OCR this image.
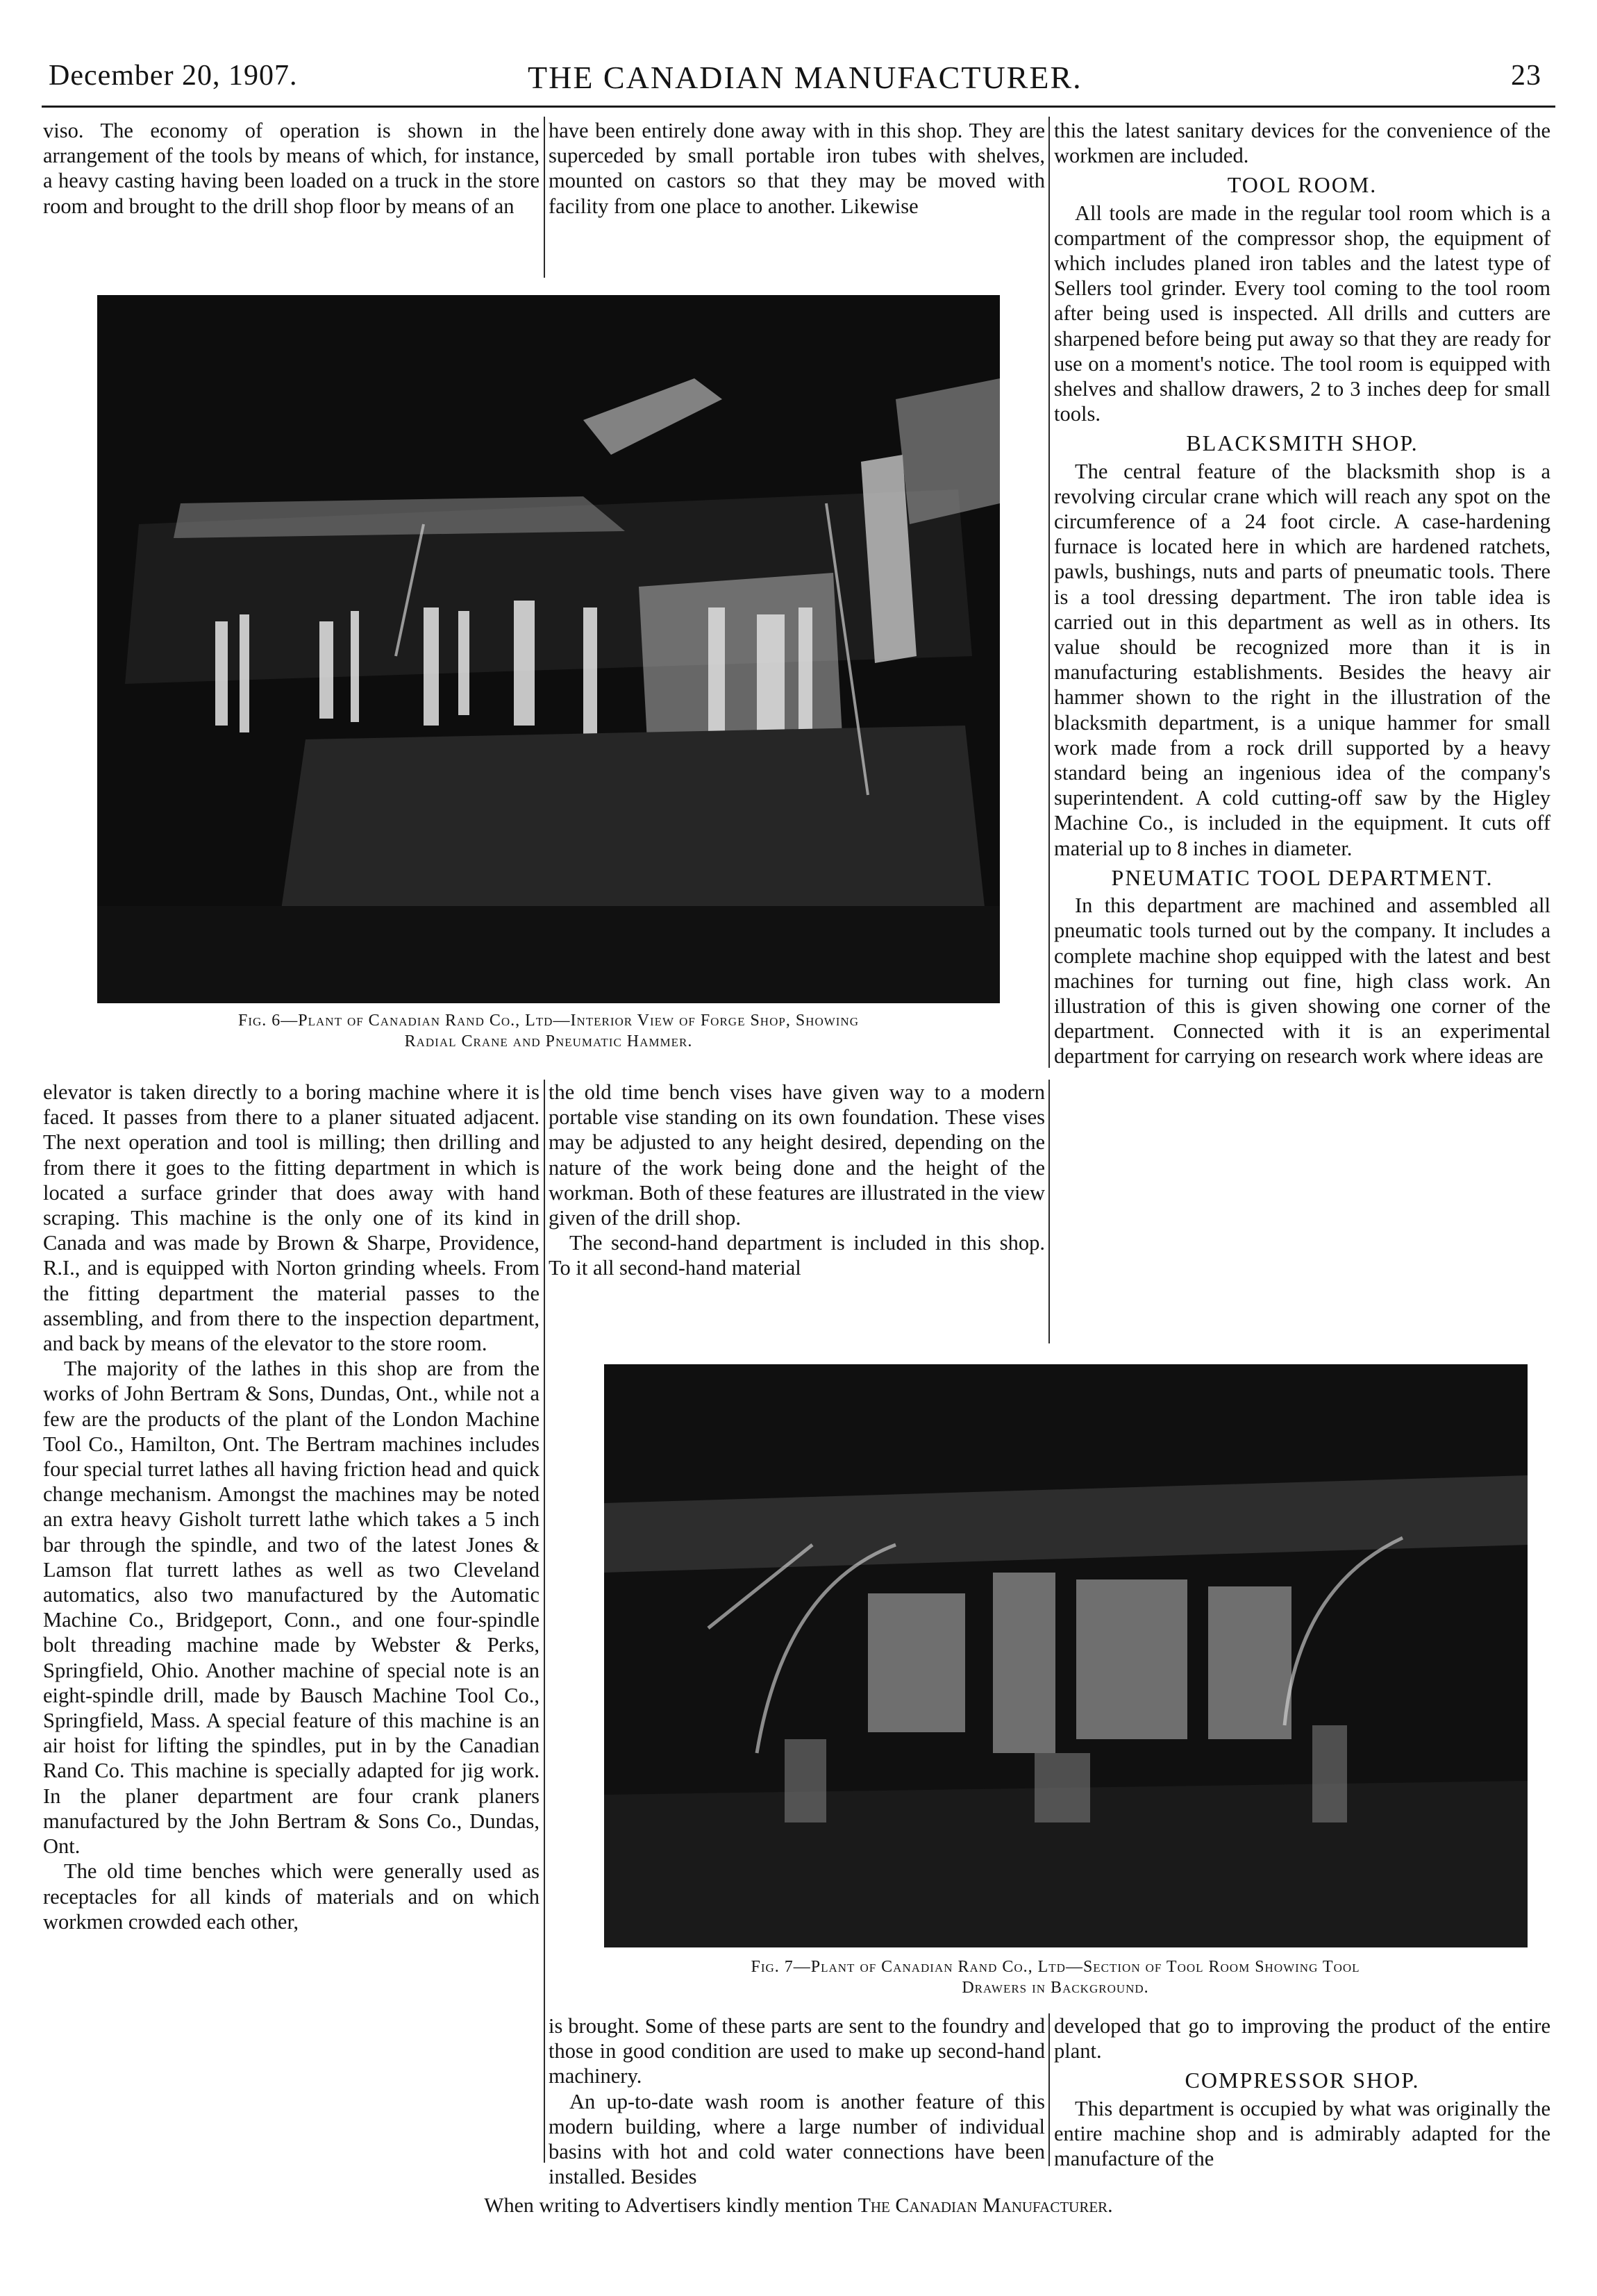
December 20, 1907.	THE CANADIAN MANUFACTURER.	23

viso. The economy of operation is shown in the arrangement of the tools by means of which, for instance, a heavy casting having been loaded on a truck in the store room and brought to the drill shop floor by means of an

have been entirely done away with in this shop. They are superceded by small portable iron tubes with shelves, mounted on castors so that they may be moved with facility from one place to another. Likewise

Fig. 6—Plant of Canadian Rand Co., Ltd—Interior View of Forge Shop, Showing
Radial Crane and Pneumatic Hammer.

this the latest sanitary devices for the convenience of the workmen are included.

TOOL ROOM.

All tools are made in the regular tool room which is a compartment of the compressor shop, the equipment of which includes planed iron tables and the latest type of Sellers tool grinder. Every tool coming to the tool room after being used is inspected. All drills and cutters are sharpened before being put away so that they are ready for use on a moment's notice. The tool room is equipped with shelves and shallow drawers, 2 to 3 inches deep for small tools.

BLACKSMITH SHOP.

The central feature of the blacksmith shop is a revolving circular crane which will reach any spot on the circumference of a 24 foot circle. A case-hardening furnace is located here in which are hardened ratchets, pawls, bushings, nuts and parts of pneumatic tools. There is a tool dressing department. The iron table idea is carried out in this department as well as in others. Its value should be recognized more than it is in manufacturing establishments. Besides the heavy air hammer shown to the right in the illustration of the blacksmith department, is a unique hammer for small work made from a rock drill supported by a heavy standard being an ingenious idea of the company's superintendent. A cold cutting-off saw by the Higley Machine Co., is included in the equipment. It cuts off material up to 8 inches in diameter.

PNEUMATIC TOOL DEPARTMENT.

In this department are machined and assembled all pneumatic tools turned out by the company. It includes a complete machine shop equipped with the latest and best machines for turning out fine, high class work. An illustration of this is given showing one corner of the department. Connected with it is an experimental department for carrying on research work where ideas are

elevator is taken directly to a boring machine where it is faced. It passes from there to a planer situated adjacent. The next operation and tool is milling; then drilling and from there it goes to the fitting department in which is located a surface grinder that does away with hand scraping. This machine is the only one of its kind in Canada and was made by Brown & Sharpe, Providence, R.I., and is equipped with Norton grinding wheels. From the fitting department the material passes to the assembling, and from there to the inspection department, and back by means of the elevator to the store room.

The majority of the lathes in this shop are from the works of John Bertram & Sons, Dundas, Ont., while not a few are the products of the plant of the London Machine Tool Co., Hamilton, Ont. The Bertram machines includes four special turret lathes all having friction head and quick change mechanism. Amongst the machines may be noted an extra heavy Gisholt turrett lathe which takes a 5 inch bar through the spindle, and two of the latest Jones & Lamson flat turrett lathes as well as two Cleveland automatics, also two manufactured by the Automatic Machine Co., Bridgeport, Conn., and one four-spindle bolt threading machine made by Webster & Perks, Springfield, Ohio. Another machine of special note is an eight-spindle drill, made by Bausch Machine Tool Co., Springfield, Mass. A special feature of this machine is an air hoist for lifting the spindles, put in by the Canadian Rand Co. This machine is specially adapted for jig work. In the planer department are four crank planers manufactured by the John Bertram & Sons Co., Dundas, Ont.

The old time benches which were generally used as receptacles for all kinds of materials and on which workmen crowded each other,

the old time bench vises have given way to a modern portable vise standing on its own foundation. These vises may be adjusted to any height desired, depending on the nature of the work being done and the height of the workman. Both of these features are illustrated in the view given of the drill shop.

The second-hand department is included in this shop. To it all second-hand material

Fig. 7—Plant of Canadian Rand Co., Ltd—Section of Tool Room Showing Tool
Drawers in Background.

is brought. Some of these parts are sent to the foundry and those in good condition are used to make up second-hand machinery.

An up-to-date wash room is another feature of this modern building, where a large number of individual basins with hot and cold water connections have been installed. Besides

developed that go to improving the product of the entire plant.

COMPRESSOR SHOP.

This department is occupied by what was originally the entire machine shop and is admirably adapted for the manufacture of the

When writing to Advertisers kindly mention The Canadian Manufacturer.
